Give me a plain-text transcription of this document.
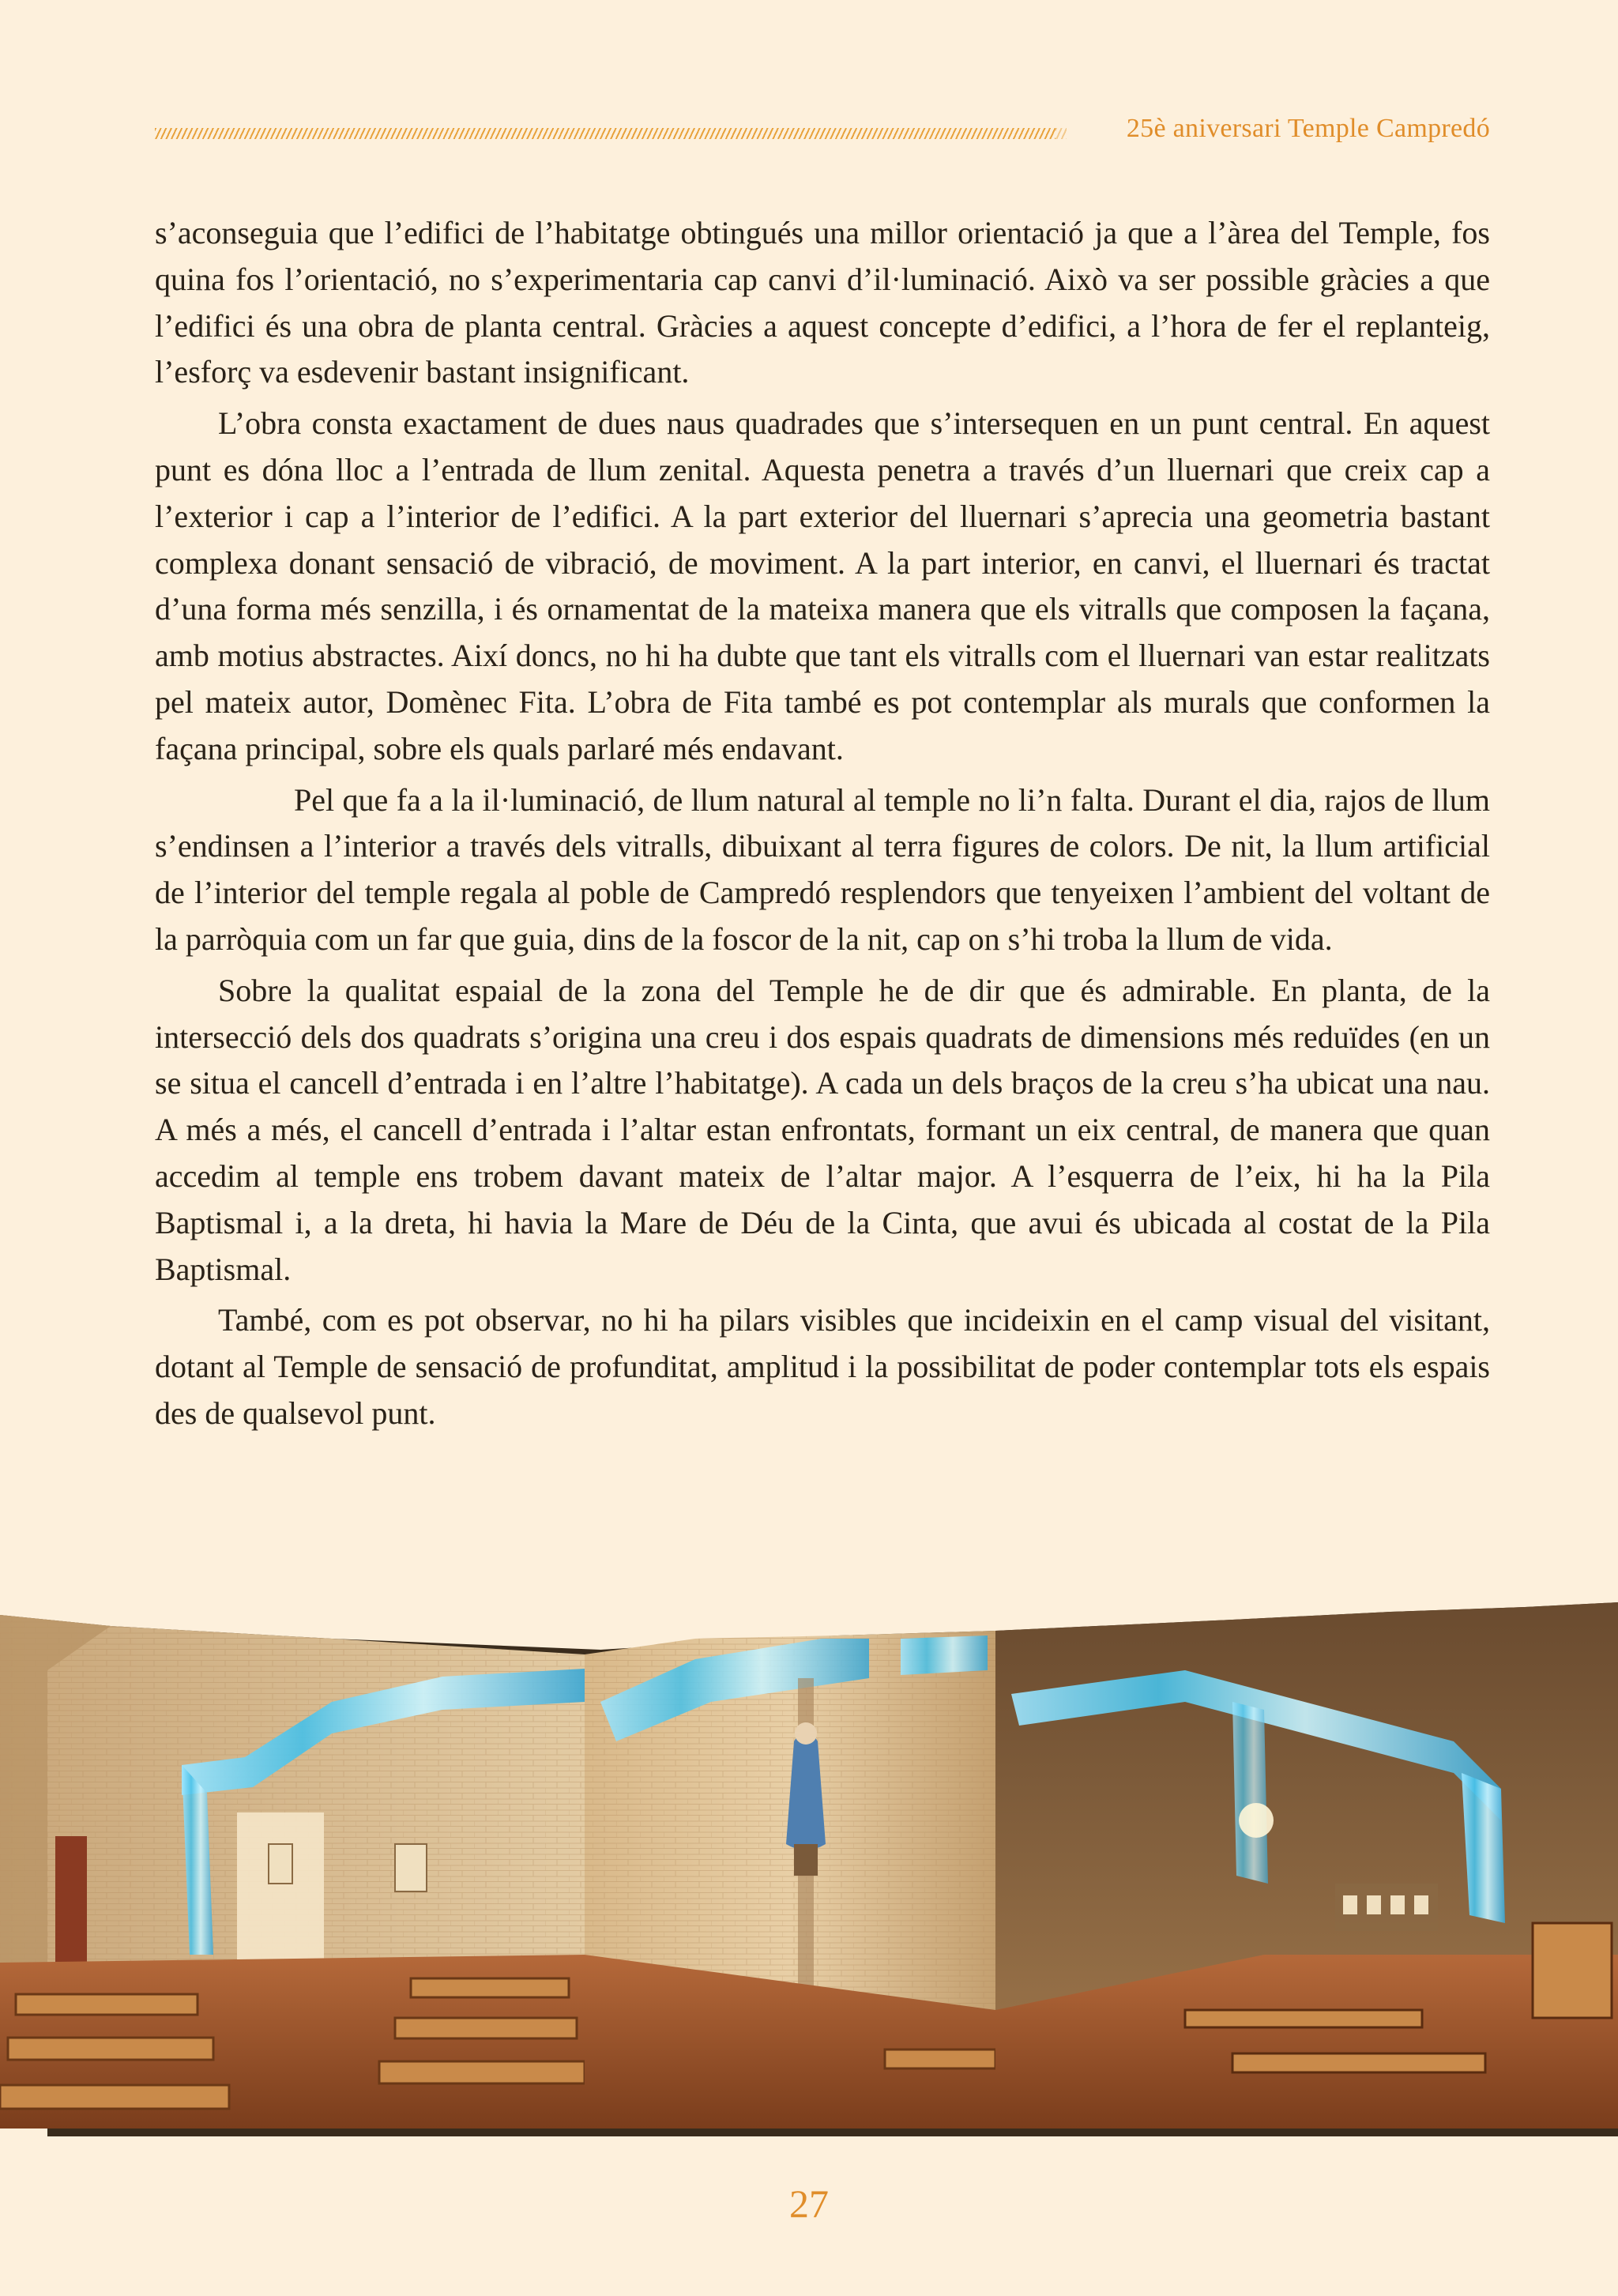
25è aniversari Temple Campredó

s’aconseguia que l’edifici de l’habitatge obtingués una millor orientació ja que a l’àrea del Temple, fos quina fos l’orientació, no s’experimentaria cap canvi d’il·luminació. Això va ser possible gràcies a que l’edifici és una obra de planta central. Gràcies a aquest concepte d’edifici, a l’hora de fer el replanteig, l’esforç va esdevenir bastant insignificant.

L’obra consta exactament de dues naus quadrades que s’intersequen en un punt central. En aquest punt es dóna lloc a l’entrada de llum zenital. Aquesta penetra a través d’un lluernari que creix cap a l’exterior i cap a l’interior de l’edifici. A la part exterior del lluernari s’aprecia una geometria bastant complexa donant sensació de vibració, de moviment. A la part interior, en canvi, el lluernari és tractat d’una forma més senzilla, i és ornamentat de la mateixa manera que els vitralls que composen la façana, amb motius abstractes. Així doncs, no hi ha dubte que tant els vitralls com el lluernari van estar realitzats pel mateix autor, Domènec Fita. L’obra de Fita també es pot contemplar als murals que conformen la façana principal, sobre els quals parlaré més endavant.

Pel que fa a la il·luminació, de llum natural al temple no li’n falta. Durant el dia, rajos de llum s’endinsen a l’interior a través dels vitralls, dibuixant al terra figures de colors. De nit, la llum artificial de l’interior del temple regala al poble de Campredó resplendors que tenyeixen l’ambient del voltant de la parròquia com un far que guia, dins de la foscor de la nit, cap on s’hi troba la llum de vida.

Sobre la qualitat espaial de la zona del Temple he de dir que és admirable. En planta, de la intersecció dels dos quadrats s’origina una creu i dos espais quadrats de dimensions més reduïdes (en un se situa el cancell d’entrada i en l’altre l’habitatge). A cada un dels braços de la creu s’ha ubicat una nau. A més a més, el cancell d’entrada i l’altar estan enfrontats, formant un eix central, de manera que quan accedim al temple ens trobem davant mateix de l’altar major. A l’esquerra de l’eix, hi ha la Pila Baptismal i, a la dreta, hi havia la Mare de Déu de la Cinta, que avui és ubicada al costat de la Pila Baptismal.

També, com es pot observar, no hi ha pilars visibles que incideixin en el camp visual del visitant, dotant al Temple de sensació de profunditat, amplitud i la possibilitat de poder contemplar tots els espais des de qualsevol punt.

27
